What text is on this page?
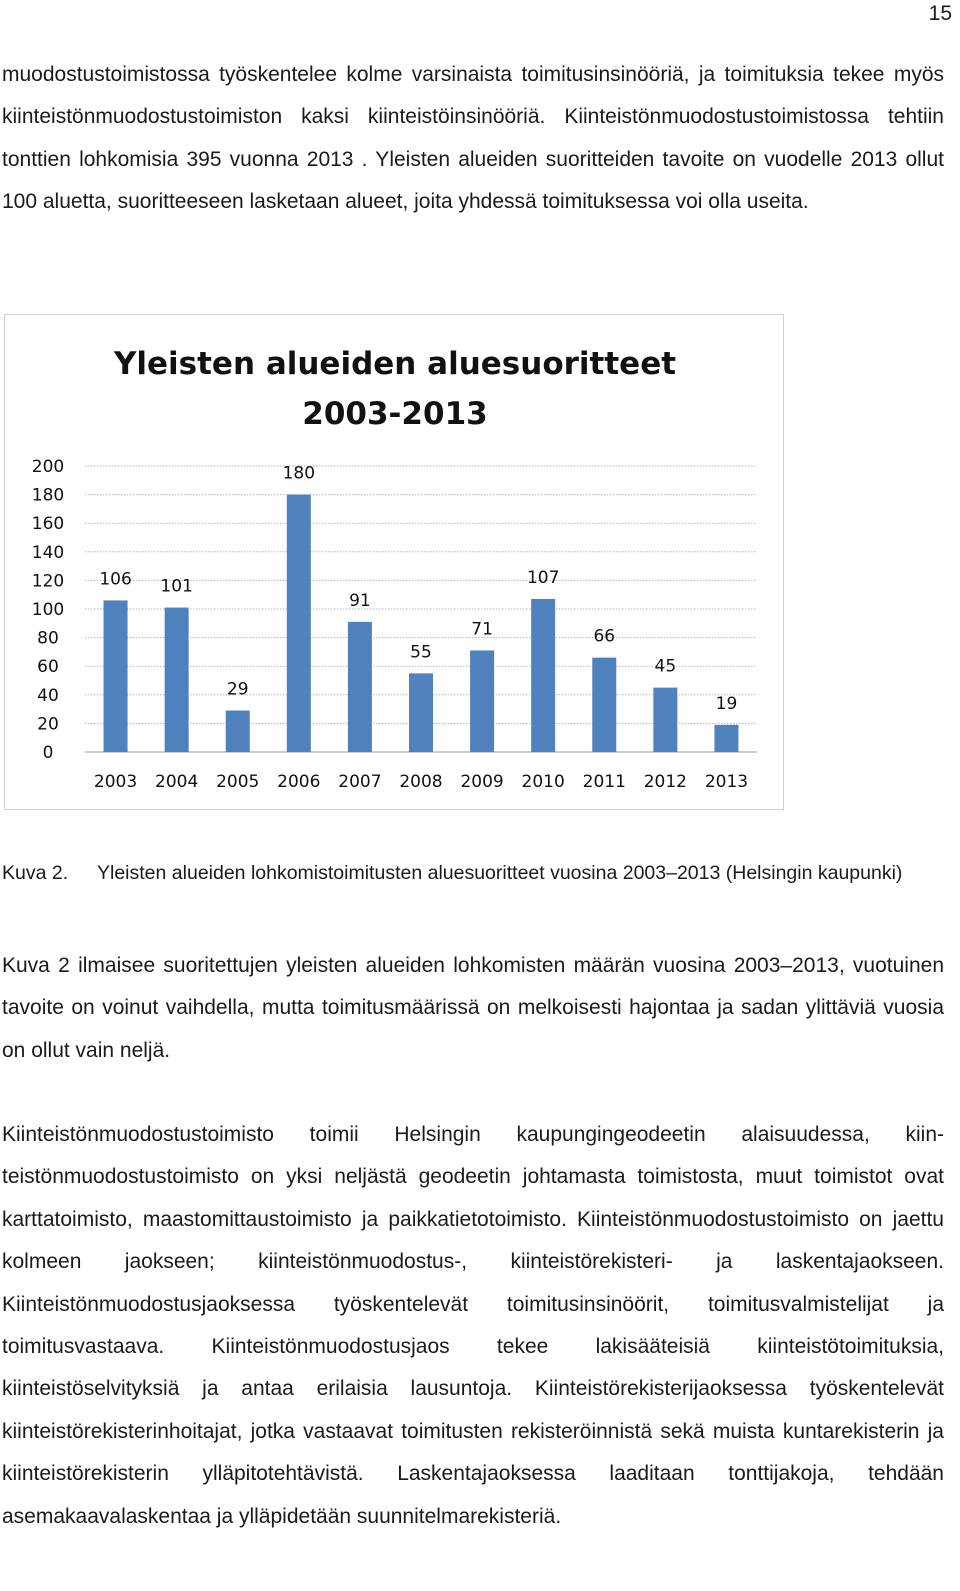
15

muodostustoimistossa työskentelee kolme varsinaista toimitusinsinööriä, ja toimituksia tekee myös kiinteistönmuodostustoimiston kaksi kiinteistöinsinööriä. Kiinteistönmuodostustoimistossa tehtiin tonttien lohkomisia 395 vuonna 2013 . Yleisten alueiden suoritteiden tavoite on vuodelle 2013 ollut 100 aluetta, suoritteeseen lasketaan alueet, joita yhdessä toimituksessa voi olla useita.

Yleisten alueiden aluesuoritteet
2003-2013
0
20
40
60
80
100
120
140
160
180
200
106 101
29
180
91
55
71
107
66
45
19
2003 2004 2005 2006 2007 2008 2009 2010 2011 2012 2013
Kuva 2. Yleisten alueiden lohkomistoimitusten aluesuoritteet vuosina 2003–2013 (Helsingin kaupunki)

Kuva 2 ilmaisee suoritettujen yleisten alueiden lohkomisten määrän vuosina 2003–2013, vuotuinen tavoite on voinut vaihdella, mutta toimitusmäärissä on melkoisesti hajontaa ja sadan ylittäviä vuosia on ollut vain neljä.

Kiinteistönmuodostustoimisto toimii Helsingin kaupungingeodeetin alaisuudessa, kiinteistönmuodostustoimisto on yksi neljästä geodeetin johtamasta toimistosta, muut toimistot ovat karttatoimisto, maastomittaustoimisto ja paikkatietotoimisto. Kiinteistönmuodostustoimisto on jaettu kolmeen jaokseen; kiinteistönmuodostus-, kiinteistörekisteri- ja laskentajaokseen. Kiinteistönmuodostusjaoksessa työskentelevät toimitusinsinöörit, toimitusvalmistelijat ja toimitusvastaava. Kiinteistönmuodostusjaos tekee lakisääteisiä kiinteistötoimituksia, kiinteistöselvityksiä ja antaa erilaisia lausuntoja. Kiinteistörekisterijaoksessa työskentelevät kiinteistörekisterinhoitajat, jotka vastaavat toimitusten rekisteröinnistä sekä muista kuntarekisterin ja kiinteistörekisterin ylläpitotehtävistä. Laskentajaoksessa laaditaan tonttijakoja, tehdään asemakaavalaskentaa ja ylläpidetään suunnitelmarekisteriä.
